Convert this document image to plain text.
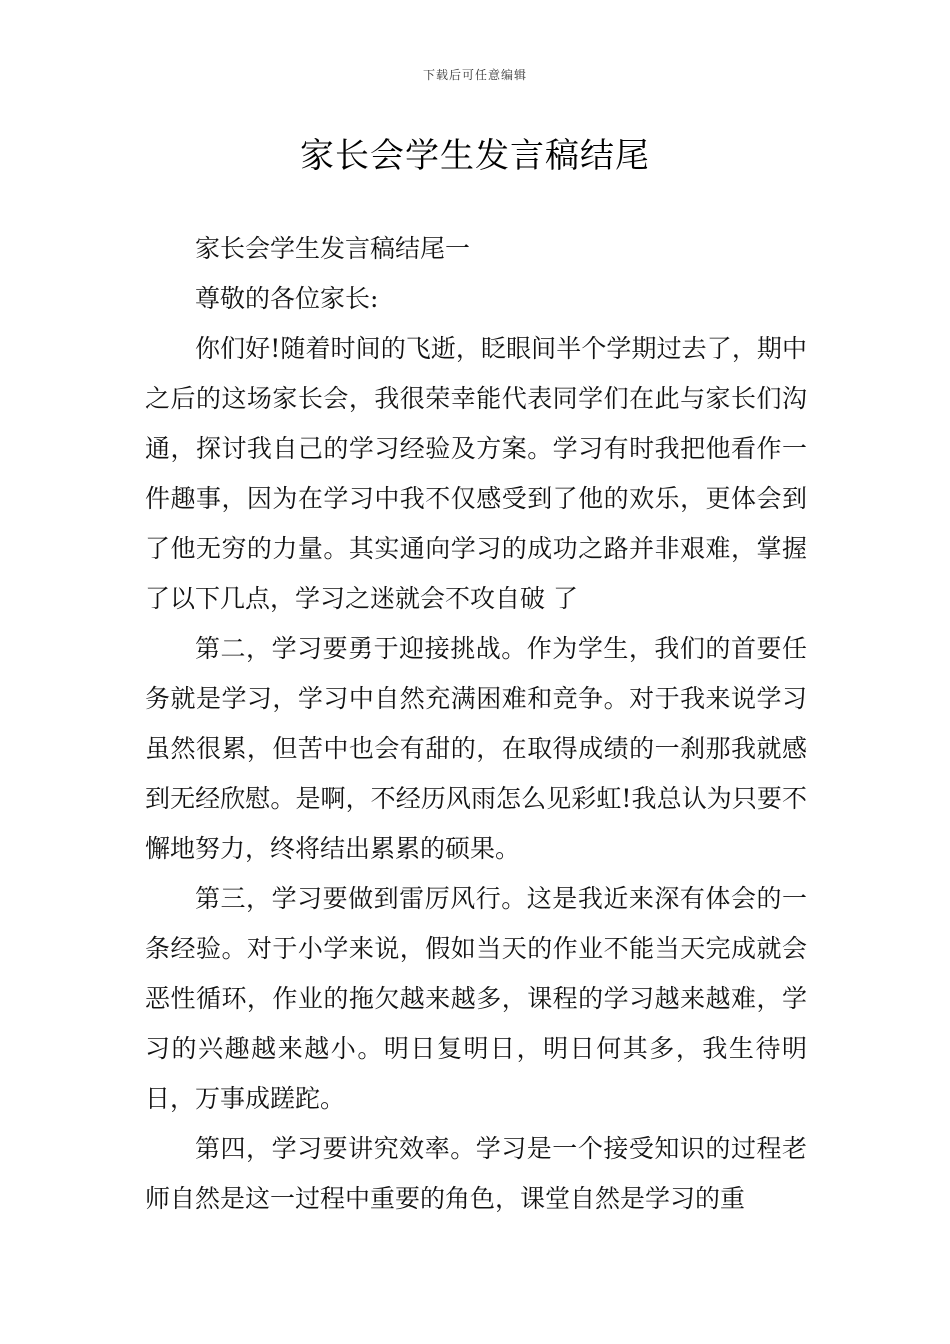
下载后可任意编辑
家长会学生发言稿结尾

家长会学生发言稿结尾一

尊敬的各位家长:

你们好!随着时间的飞逝，眨眼间半个学期过去了，期中之后的这场家长会，我很荣幸能代表同学们在此与家长们沟通，探讨我自己的学习经验及方案。学习有时我把他看作一件趣事，因为在学习中我不仅感受到了他的欢乐，更体会到了他无穷的力量。其实通向学习的成功之路并非艰难，掌握了以下几点，学习之迷就会不攻自破 了

第二，学习要勇于迎接挑战。作为学生，我们的首要任务就是学习，学习中自然充满困难和竞争。对于我来说学习虽然很累，但苦中也会有甜的，在取得成绩的一刹那我就感到无经欣慰。是啊，不经历风雨怎么见彩虹!我总认为只要不懈地努力，终将结出累累的硕果。

第三，学习要做到雷厉风行。这是我近来深有体会的一条经验。对于小学来说，假如当天的作业不能当天完成就会恶性循环，作业的拖欠越来越多，课程的学习越来越难，学习的兴趣越来越小。明日复明日，明日何其多，我生待明日，万事成蹉跎。

第四，学习要讲究效率。学习是一个接受知识的过程老师自然是这一过程中重要的角色，课堂自然是学习的重
